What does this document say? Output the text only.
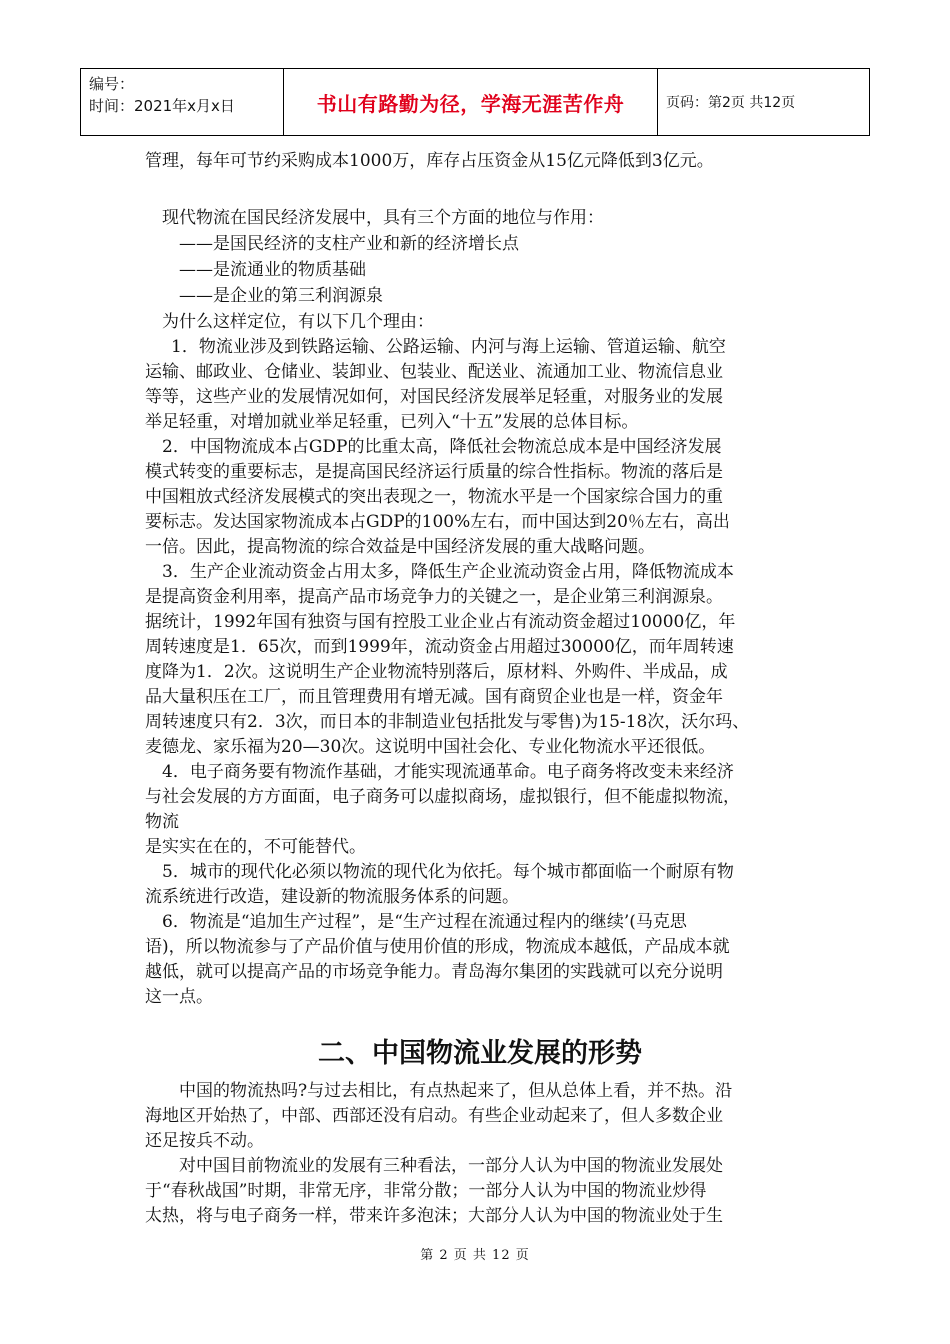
编号：
时间：2021年x月x日	书山有路勤为径，学海无涯苦作舟	页码：第2页 共12页
管理，每年可节约采购成本1000万，库存占压资金从15亿元降低到3亿元。
现代物流在国民经济发展中，具有三个方面的地位与作用：
——是国民经济的支柱产业和新的经济增长点
——是流通业的物质基础
——是企业的第三利润源泉
为什么这样定位，有以下几个理由：
1．物流业涉及到铁路运输、公路运输、内河与海上运输、管道运输、航空
运输、邮政业、仓储业、装卸业、包装业、配送业、流通加工业、物流信息业
等等，这些产业的发展情况如何，对国民经济发展举足轻重，对服务业的发展
举足轻重，对增加就业举足轻重，已列入“十五”发展的总体目标。
2．中国物流成本占GDP的比重太高，降低社会物流总成本是中国经济发展
模式转变的重要标志，是提高国民经济运行质量的综合性指标。物流的落后是
中国粗放式经济发展模式的突出表现之一，物流水平是一个国家综合国力的重
要标志。发达国家物流成本占GDP的100%左右，而中国达到20％左右，高出
一倍。因此，提高物流的综合效益是中国经济发展的重大战略问题。
3．生产企业流动资金占用太多，降低生产企业流动资金占用，降低物流成本
是提高资金利用率，提高产品市场竞争力的关键之一，是企业第三利润源泉。
据统计，1992年国有独资与国有控股工业企业占有流动资金超过10000亿，年
周转速度是1．65次，而到1999年，流动资金占用超过30000亿，而年周转速
度降为1．2次。这说明生产企业物流特别落后，原材料、外购件、半成品，成
品大量积压在工厂，而且管理费用有增无减。国有商贸企业也是一样，资金年
周转速度只有2．3次，而日本的非制造业包括批发与零售)为15-18次，沃尔玛、
麦德龙、家乐福为20—30次。这说明中国社会化、专业化物流水平还很低。
4．电子商务要有物流作基础，才能实现流通革命。电子商务将改变未来经济
与社会发展的方方面面，电子商务可以虚拟商场，虚拟银行，但不能虚拟物流，
物流
是实实在在的，不可能替代。
5．城市的现代化必须以物流的现代化为依托。每个城市都面临一个耐原有物
流系统进行改造，建设新的物流服务体系的问题。
6．物流是“追加生产过程”，是“生产过程在流通过程内的继续’(马克思
语)，所以物流参与了产品价值与使用价值的形成，物流成本越低，产品成本就
越低，就可以提高产品的市场竞争能力。青岛海尔集团的实践就可以充分说明
这一点。
二、中国物流业发展的形势
中国的物流热吗?与过去相比，有点热起来了，但从总体上看，并不热。沿
海地区开始热了，中部、西部还没有启动。有些企业动起来了，但人多数企业
还足按兵不动。
对中国目前物流业的发展有三种看法，一部分人认为中国的物流业发展处
于“春秋战国”时期，非常无序，非常分散；一部分人认为中国的物流业炒得
太热，将与电子商务一样，带来许多泡沫；大部分人认为中国的物流业处于生
第 2 页 共 12 页
